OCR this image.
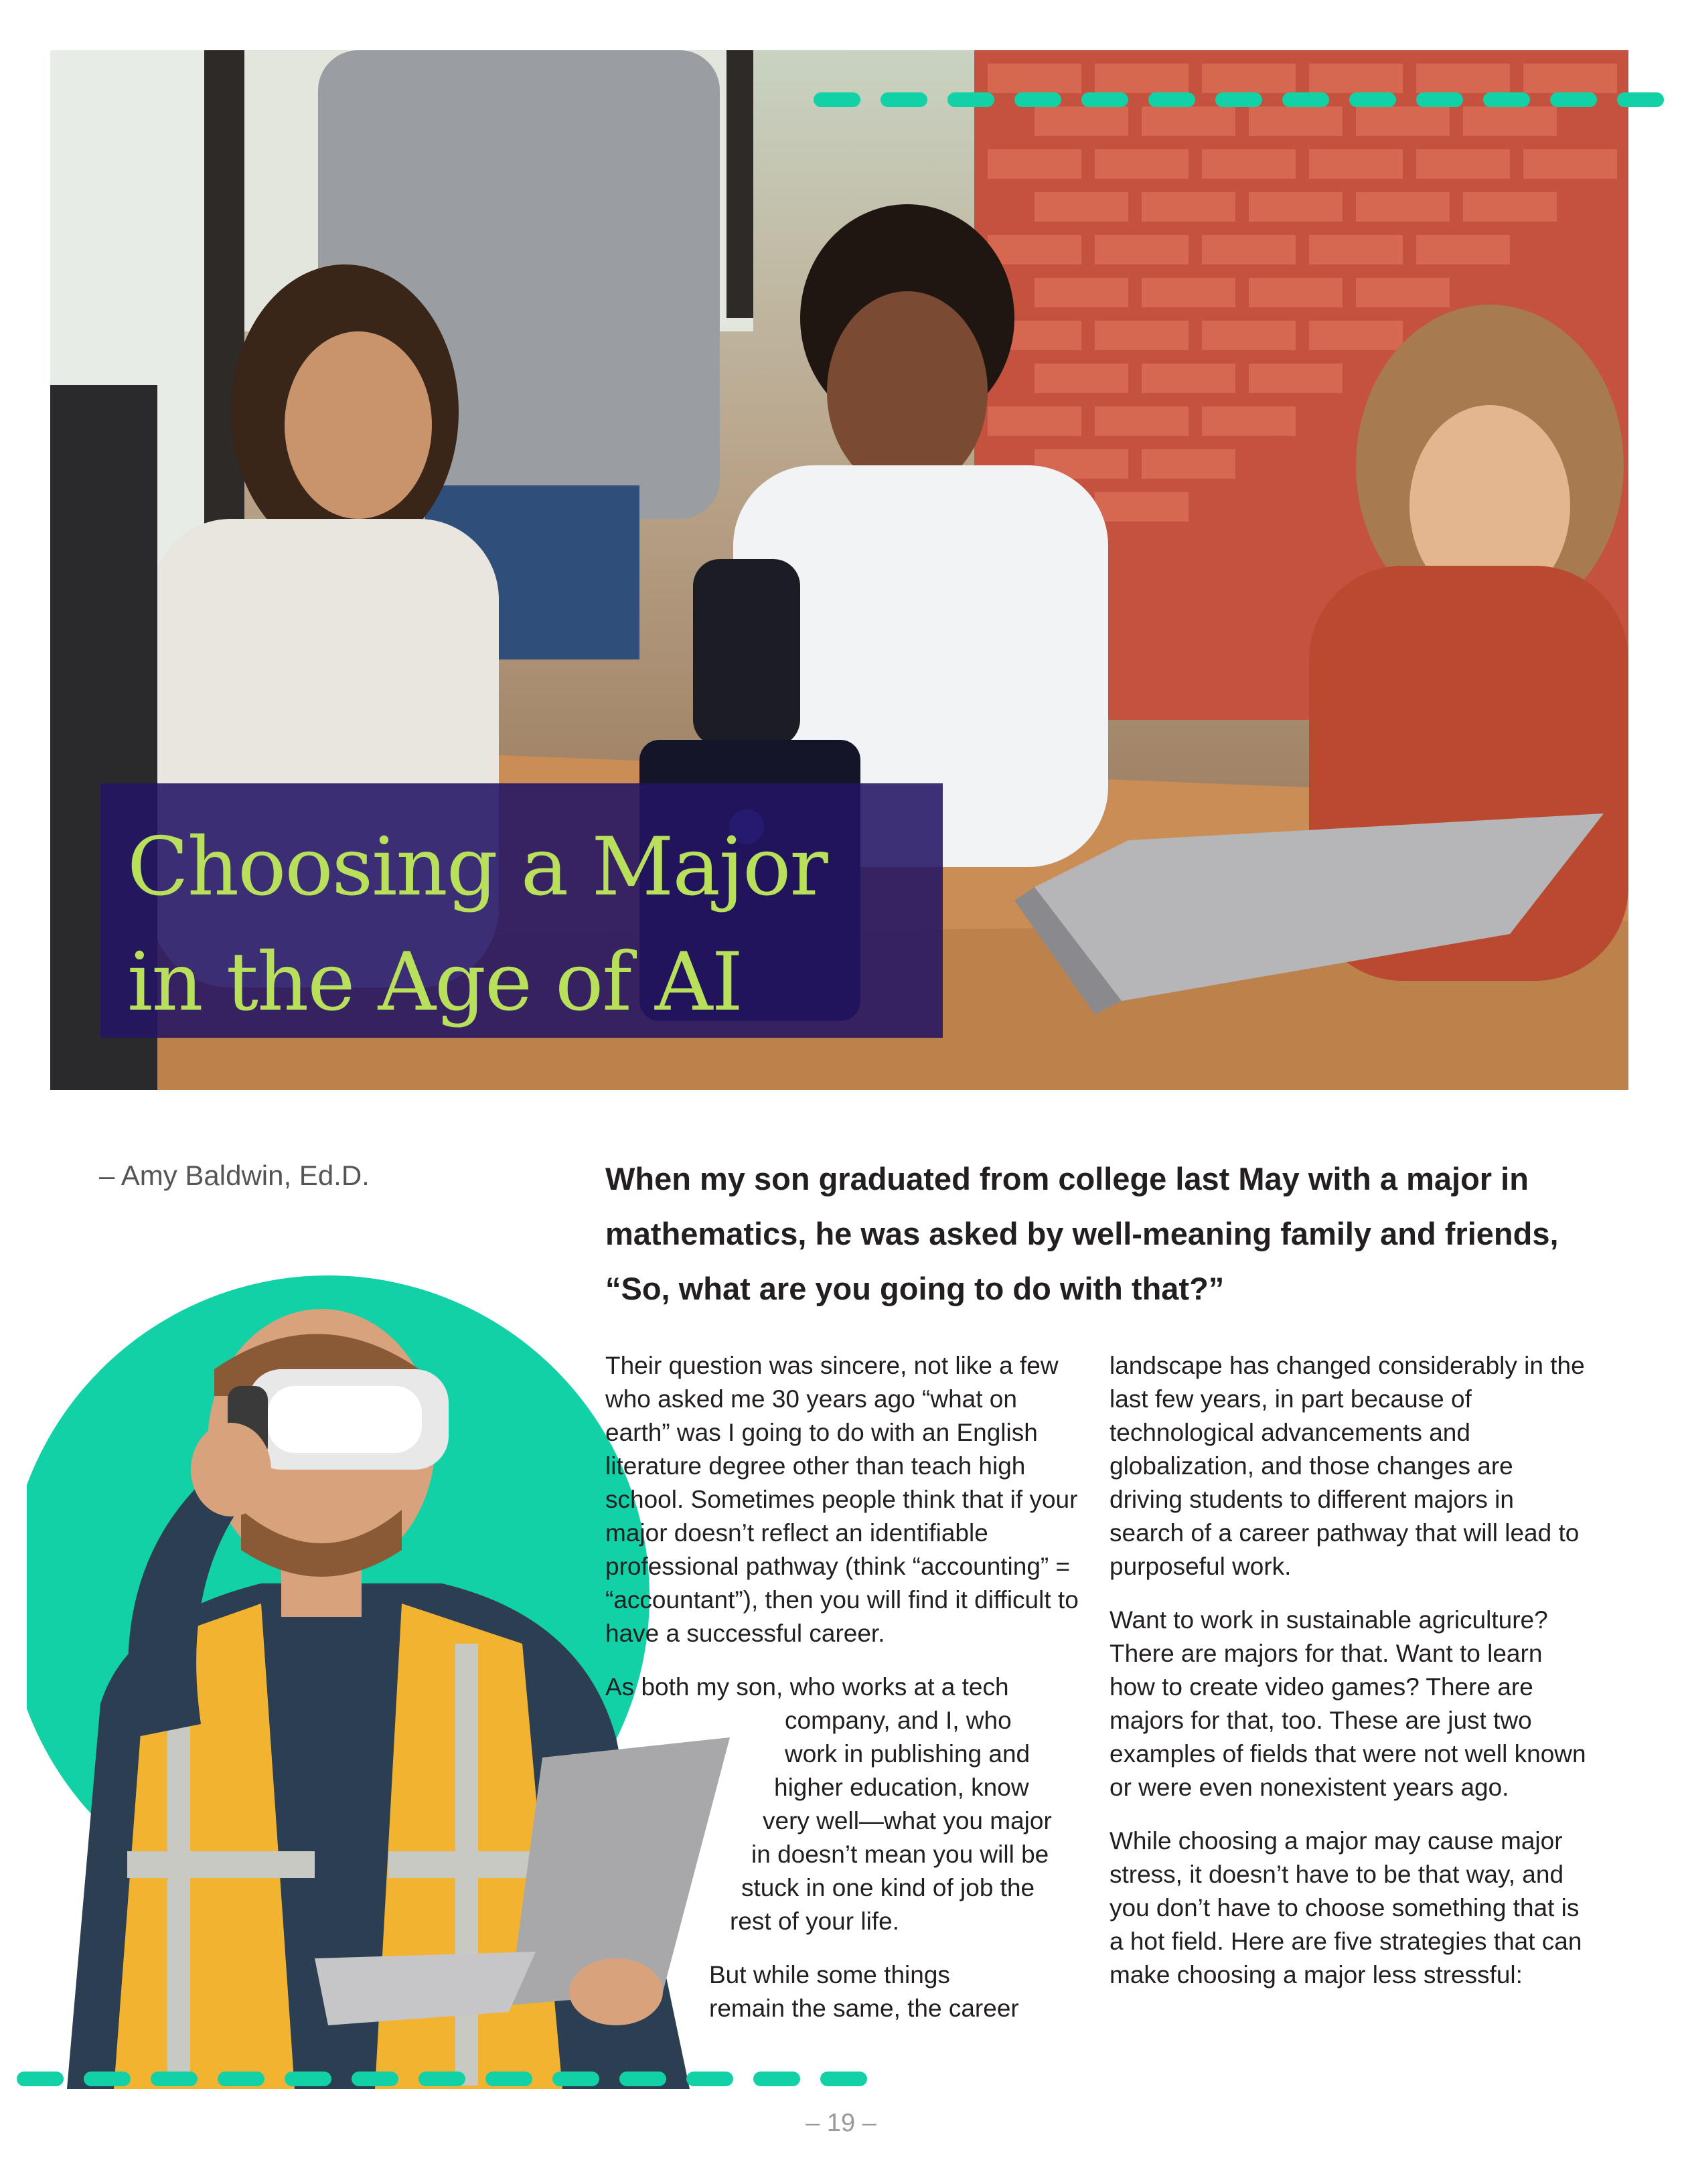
Choosing a Major
in the Age of AI
– Amy Baldwin, Ed.D.	When my son graduated from college last May with a major in mathematics, he was asked by well-meaning family and friends, “So, what are you going to do with that?”

Their question was sincere, not like a few who asked me 30 years ago “what on earth” was I going to do with an English literature degree other than teach high school. Sometimes people think that if your major doesn’t reflect an identifiable professional pathway (think “accounting” = “accountant”), then you will find it difficult to have a successful career.

As both my son, who works at a tech
company, and I, who
work in publishing and
higher education, know
very well—what you major
in doesn’t mean you will be
stuck in one kind of job the
rest of your life.

But while some things
remain the same, the career

landscape has changed considerably in the last few years, in part because of technological advancements and globalization, and those changes are driving students to different majors in search of a career pathway that will lead to purposeful work.

Want to work in sustainable agriculture? There are majors for that. Want to learn how to create video games? There are majors for that, too. These are just two examples of fields that were not well known or were even nonexistent years ago.

While choosing a major may cause major stress, it doesn’t have to be that way, and you don’t have to choose something that is a hot field. Here are five strategies that can make choosing a major less stressful:

– 19 –
